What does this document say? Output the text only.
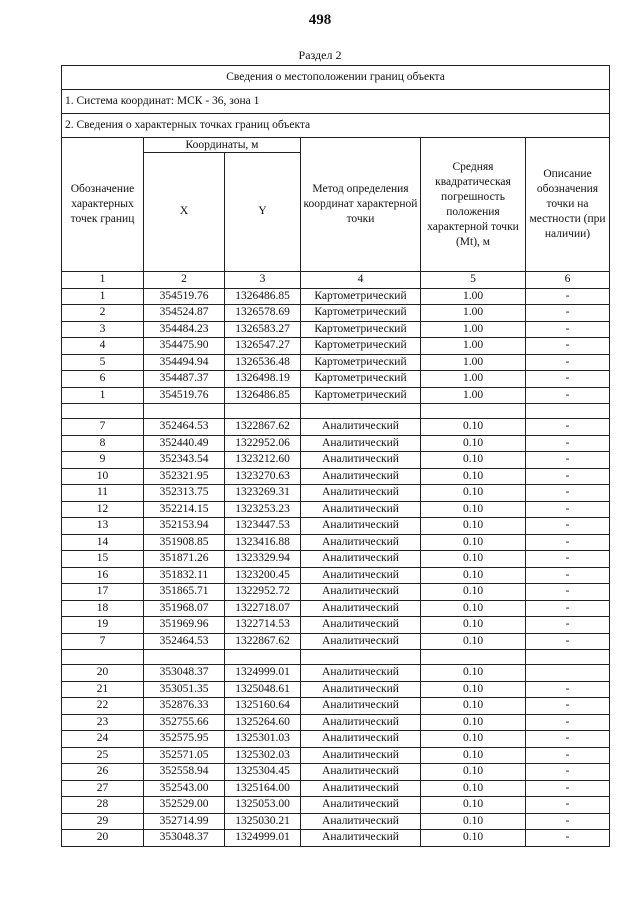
498
Раздел 2
Сведения о местоположении границ объекта					
1. Система координат: МСК - 36, зона 1					
2. Сведения о характерных точках границ объекта					
Обозначение характерных точек границ	Координаты, м		Метод определения координат характерной точки	Средняя квадратическая погрешность положения характерной точки (Mt), м	Описание обозначения точки на местности (при наличии)
	X	Y			
1	2	3	4	5	6
1	354519.76	1326486.85	Картометрический	1.00	-
2	354524.87	1326578.69	Картометрический	1.00	-
3	354484.23	1326583.27	Картометрический	1.00	-
4	354475.90	1326547.27	Картометрический	1.00	-
5	354494.94	1326536.48	Картометрический	1.00	-
6	354487.37	1326498.19	Картометрический	1.00	-
1	354519.76	1326486.85	Картометрический	1.00	-

7	352464.53	1322867.62	Аналитический	0.10	-
8	352440.49	1322952.06	Аналитический	0.10	-
9	352343.54	1323212.60	Аналитический	0.10	-
10	352321.95	1323270.63	Аналитический	0.10	-
11	352313.75	1323269.31	Аналитический	0.10	-
12	352214.15	1323253.23	Аналитический	0.10	-
13	352153.94	1323447.53	Аналитический	0.10	-
14	351908.85	1323416.88	Аналитический	0.10	-
15	351871.26	1323329.94	Аналитический	0.10	-
16	351832.11	1323200.45	Аналитический	0.10	-
17	351865.71	1322952.72	Аналитический	0.10	-
18	351968.07	1322718.07	Аналитический	0.10	-
19	351969.96	1322714.53	Аналитический	0.10	-
7	352464.53	1322867.62	Аналитический	0.10	-

20	353048.37	1324999.01	Аналитический	0.10	
21	353051.35	1325048.61	Аналитический	0.10	-
22	352876.33	1325160.64	Аналитический	0.10	-
23	352755.66	1325264.60	Аналитический	0.10	-
24	352575.95	1325301.03	Аналитический	0.10	-
25	352571.05	1325302.03	Аналитический	0.10	-
26	352558.94	1325304.45	Аналитический	0.10	-
27	352543.00	1325164.00	Аналитический	0.10	-
28	352529.00	1325053.00	Аналитический	0.10	-
29	352714.99	1325030.21	Аналитический	0.10	-
20	353048.37	1324999.01	Аналитический	0.10	-
